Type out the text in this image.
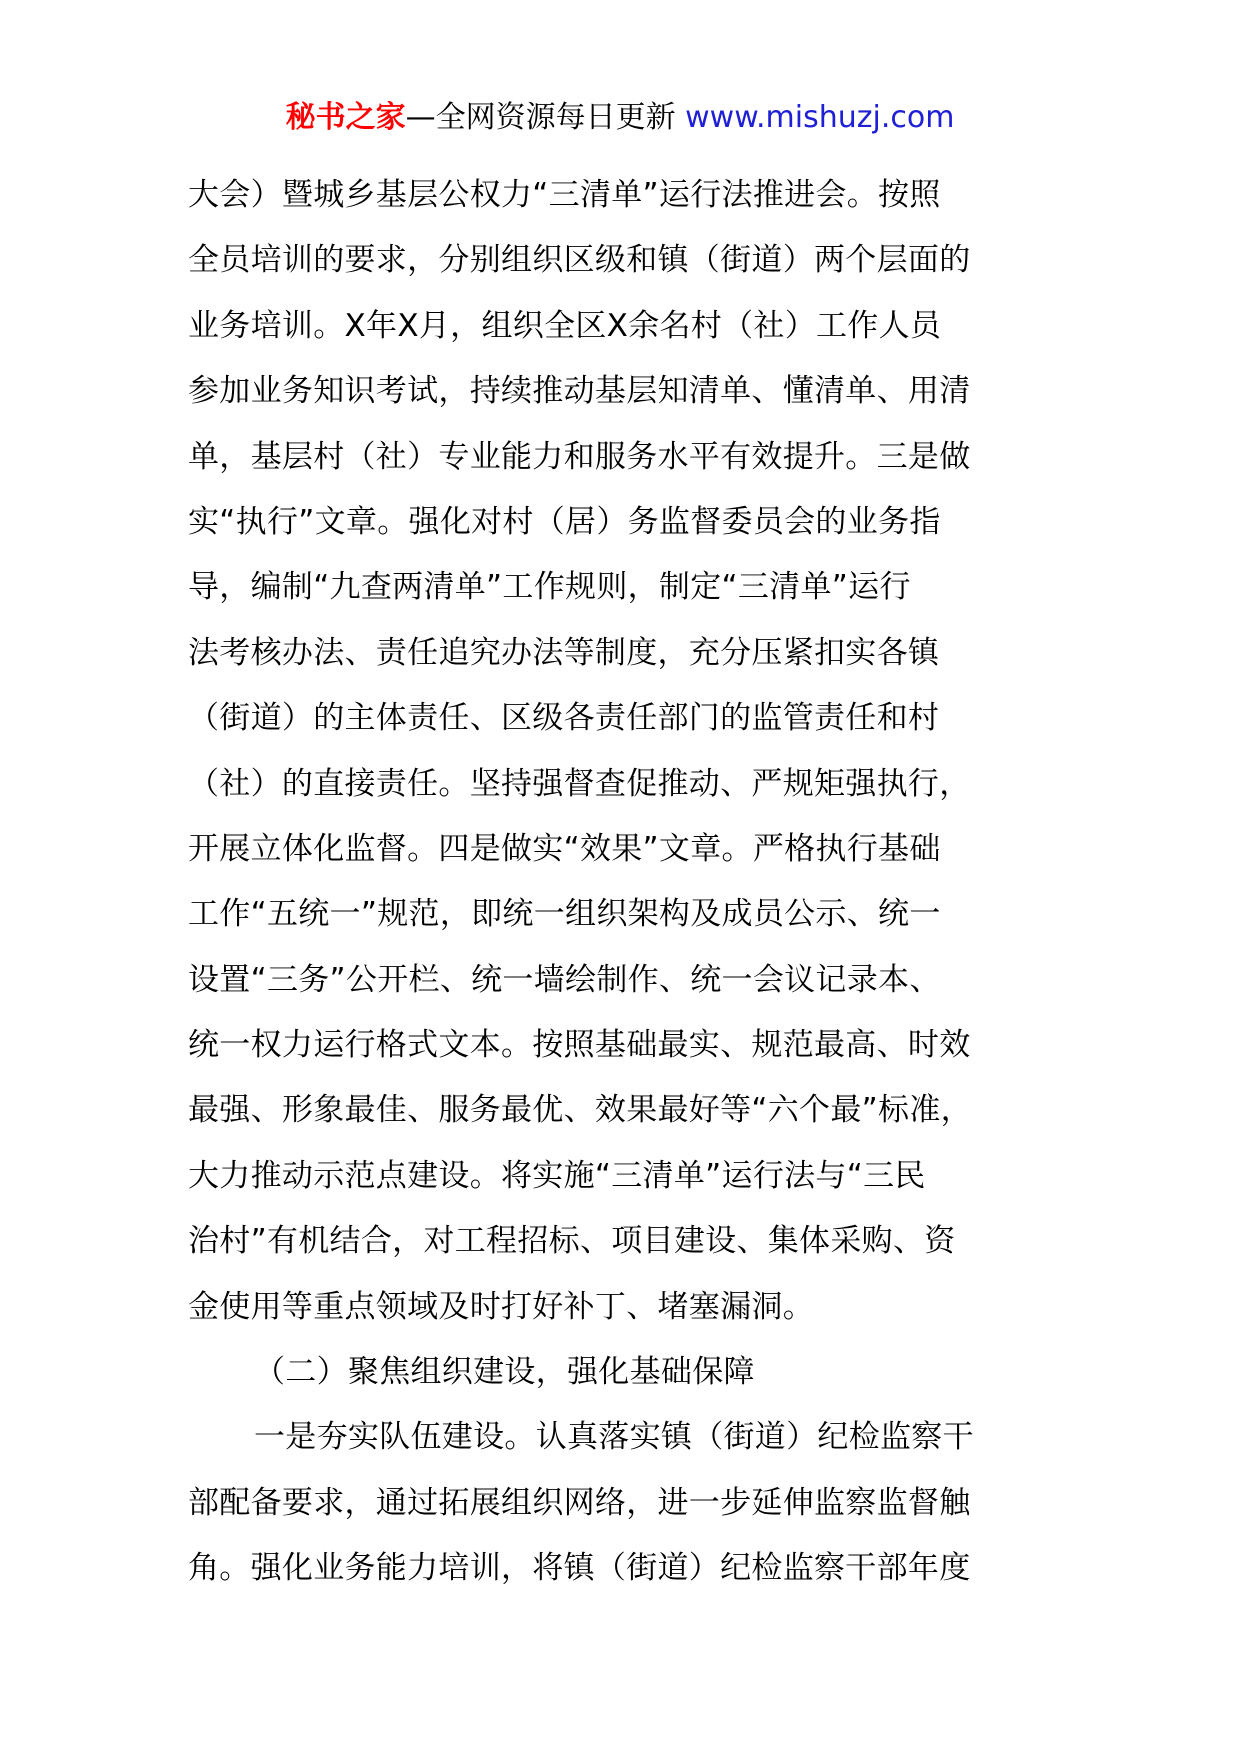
秘书之家—全网资源每日更新 www.mishuzj.com
大会）暨城乡基层公权力“三清单”运行法推进会。按照
全员培训的要求，分别组织区级和镇（街道）两个层面的
业务培训。X年X月，组织全区X余名村（社）工作人员
参加业务知识考试，持续推动基层知清单、懂清单、用清
单，基层村（社）专业能力和服务水平有效提升。三是做
实“执行”文章。强化对村（居）务监督委员会的业务指
导，编制“九查两清单”工作规则，制定“三清单”运行
法考核办法、责任追究办法等制度，充分压紧扣实各镇
（街道）的主体责任、区级各责任部门的监管责任和村
（社）的直接责任。坚持强督查促推动、严规矩强执行，
开展立体化监督。四是做实“效果”文章。严格执行基础
工作“五统一”规范，即统一组织架构及成员公示、统一
设置“三务”公开栏、统一墙绘制作、统一会议记录本、
统一权力运行格式文本。按照基础最实、规范最高、时效
最强、形象最佳、服务最优、效果最好等“六个最”标准，
大力推动示范点建设。将实施“三清单”运行法与“三民
治村”有机结合，对工程招标、项目建设、集体采购、资
金使用等重点领域及时打好补丁、堵塞漏洞。
（二）聚焦组织建设，强化基础保障
一是夯实队伍建设。认真落实镇（街道）纪检监察干
部配备要求，通过拓展组织网络，进一步延伸监察监督触
角。强化业务能力培训，将镇（街道）纪检监察干部年度
